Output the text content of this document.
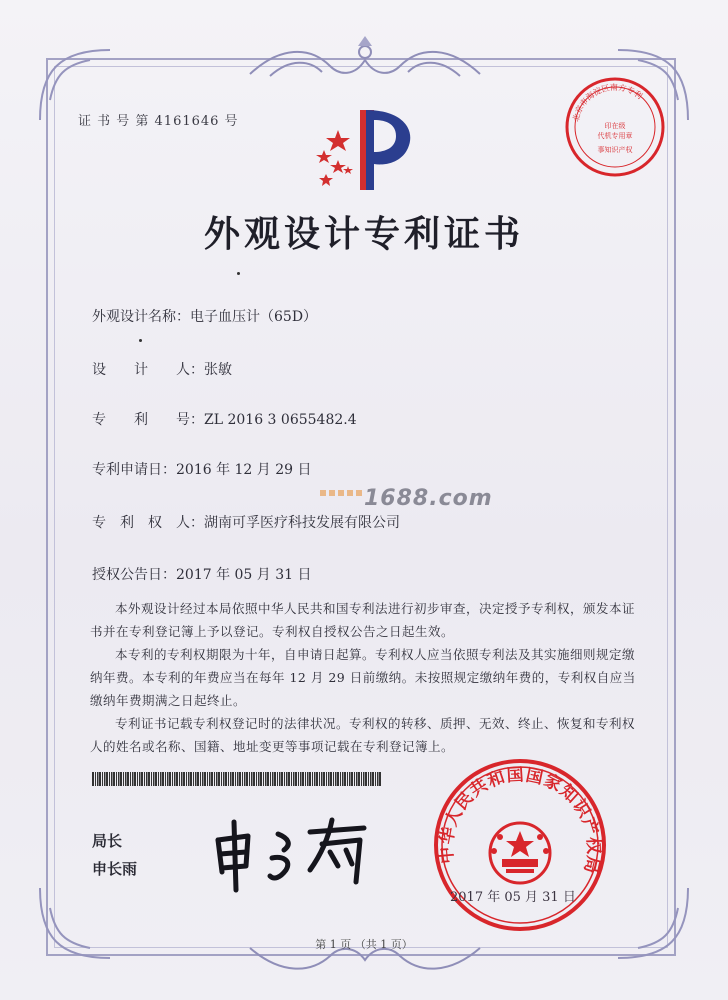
证 书 号 第 4161646 号	北京市海淀区南方专利
印在级
代机专用章
事知识产权
外观设计专利证书
外观设计名称：电子血压计（65D）
设　　计　　人：张敏
专　　利　　号：ZL 2016 3 0655482.4
专利申请日：2016 年 12 月 29 日
专　利　权　人：湖南可孚医疗科技发展有限公司
授权公告日：2017 年 05 月 31 日
1688.com

本外观设计经过本局依照中华人民共和国专利法进行初步审查，决定授予专利权，颁发本证书并在专利登记簿上予以登记。专利权自授权公告之日起生效。

本专利的专利权期限为十年，自申请日起算。专利权人应当依照专利法及其实施细则规定缴纳年费。本专利的年费应当在每年 12 月 29 日前缴纳。未按照规定缴纳年费的，专利权自应当缴纳年费期满之日起终止。

专利证书记载专利权登记时的法律状况。专利权的转移、质押、无效、终止、恢复和专利权人的姓名或名称、国籍、地址变更等事项记载在专利登记簿上。

局长
申长雨
中华人民共和国国家知识产权局
2017 年 05 月 31 日
第 1 页 （共 1 页）
